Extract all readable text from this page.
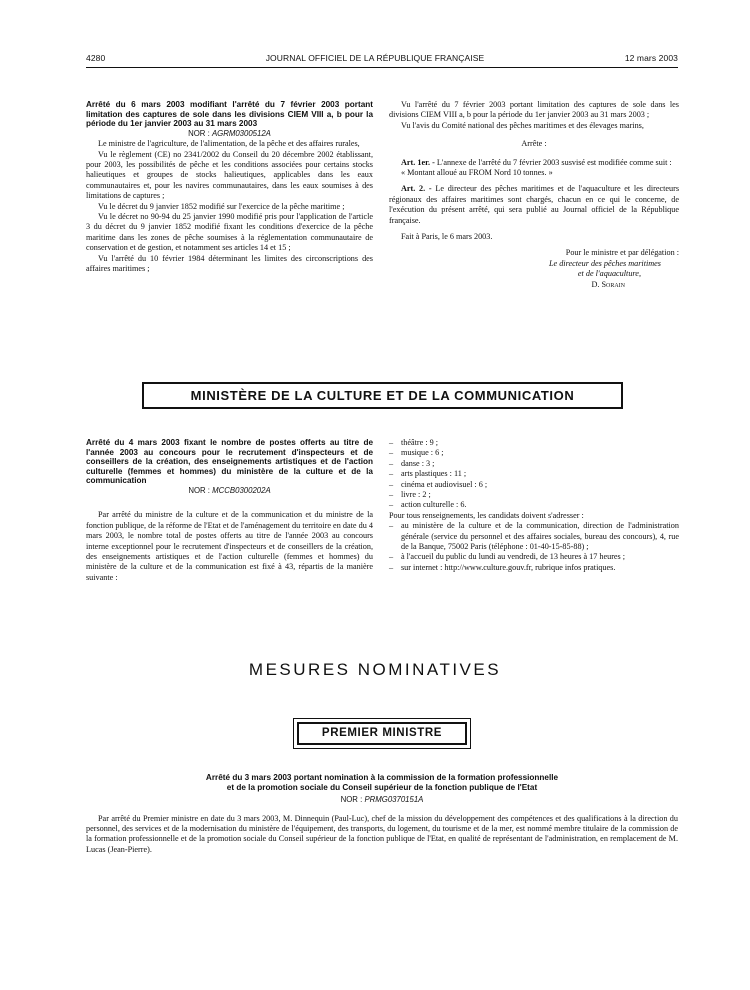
4280	JOURNAL OFFICIEL DE LA RÉPUBLIQUE FRANÇAISE	12 mars 2003

Arrêté du 6 mars 2003 modifiant l'arrêté du 7 février 2003 portant limitation des captures de sole dans les divisions CIEM VIII a, b pour la période du 1er janvier 2003 au 31 mars 2003

NOR : AGRM0300512A

Le ministre de l'agriculture, de l'alimentation, de la pêche et des affaires rurales,

Vu le règlement (CE) no 2341/2002 du Conseil du 20 décembre 2002 établissant, pour 2003, les possibilités de pêche et les conditions associées pour certains stocks halieutiques et groupes de stocks halieutiques, applicables dans les eaux communautaires et, pour les navires communautaires, dans les eaux soumises à des limitations de captures ;

Vu le décret du 9 janvier 1852 modifié sur l'exercice de la pêche maritime ;

Vu le décret no 90-94 du 25 janvier 1990 modifié pris pour l'application de l'article 3 du décret du 9 janvier 1852 modifié fixant les conditions d'exercice de la pêche maritime dans les zones de pêche soumises à la réglementation communautaire de conservation et de gestion, et notamment ses articles 14 et 15 ;

Vu l'arrêté du 10 février 1984 déterminant les limites des circonscriptions des affaires maritimes ;

Vu l'arrêté du 7 février 2003 portant limitation des captures de sole dans les divisions CIEM VIII a, b pour la période du 1er janvier 2003 au 31 mars 2003 ;

Vu l'avis du Comité national des pêches maritimes et des élevages marins,

Arrête :

Art. 1er. - L'annexe de l'arrêté du 7 février 2003 susvisé est modifiée comme suit :

« Montant alloué au FROM Nord 10 tonnes. »

Art. 2. - Le directeur des pêches maritimes et de l'aquaculture et les directeurs régionaux des affaires maritimes sont chargés, chacun en ce qui le concerne, de l'exécution du présent arrêté, qui sera publié au Journal officiel de la République française.

Fait à Paris, le 6 mars 2003.

Pour le ministre et par délégation :

Le directeur des pêches maritimes

et de l'aquaculture,

D. Sorain

MINISTÈRE DE LA CULTURE ET DE LA COMMUNICATION

Arrêté du 4 mars 2003 fixant le nombre de postes offerts au titre de l'année 2003 au concours pour le recrutement d'inspecteurs et de conseillers de la création, des enseignements artistiques et de l'action culturelle (femmes et hommes) du ministère de la culture et de la communication

NOR : MCCB0300202A

Par arrêté du ministre de la culture et de la communication et du ministre de la fonction publique, de la réforme de l'Etat et de l'aménagement du territoire en date du 4 mars 2003, le nombre total de postes offerts au titre de l'année 2003 au concours interne exceptionnel pour le recrutement d'inspecteurs et de conseillers de la création, des enseignements artistiques et de l'action culturelle (femmes et hommes) du ministère de la culture et de la communication est fixé à 43, répartis de la manière suivante :

– théâtre : 9 ;
– musique : 6 ;
– danse : 3 ;
– arts plastiques : 11 ;
– cinéma et audiovisuel : 6 ;
– livre : 2 ;
– action culturelle : 6.

Pour tous renseignements, les candidats doivent s'adresser :

– au ministère de la culture et de la communication, direction de l'administration générale (service du personnel et des affaires sociales, bureau des concours), 4, rue de la Banque, 75002 Paris (téléphone : 01-40-15-85-88) ;
– à l'accueil du public du lundi au vendredi, de 13 heures à 17 heures ;
– sur internet : http://www.culture.gouv.fr, rubrique infos pratiques.
MESURES NOMINATIVES
PREMIER MINISTRE

Arrêté du 3 mars 2003 portant nomination à la commission de la formation professionnelle

et de la promotion sociale du Conseil supérieur de la fonction publique de l'Etat

NOR : PRMG0370151A

Par arrêté du Premier ministre en date du 3 mars 2003, M. Dinnequin (Paul-Luc), chef de la mission du développement des compétences et des qualifications à la direction du personnel, des services et de la modernisation du ministère de l'équipement, des transports, du logement, du tourisme et de la mer, est nommé membre titulaire de la commission de la formation professionnelle et de la promotion sociale du Conseil supérieur de la fonction publique de l'Etat, en qualité de représentant de l'administration, en remplacement de M. Lucas (Jean-Pierre).
